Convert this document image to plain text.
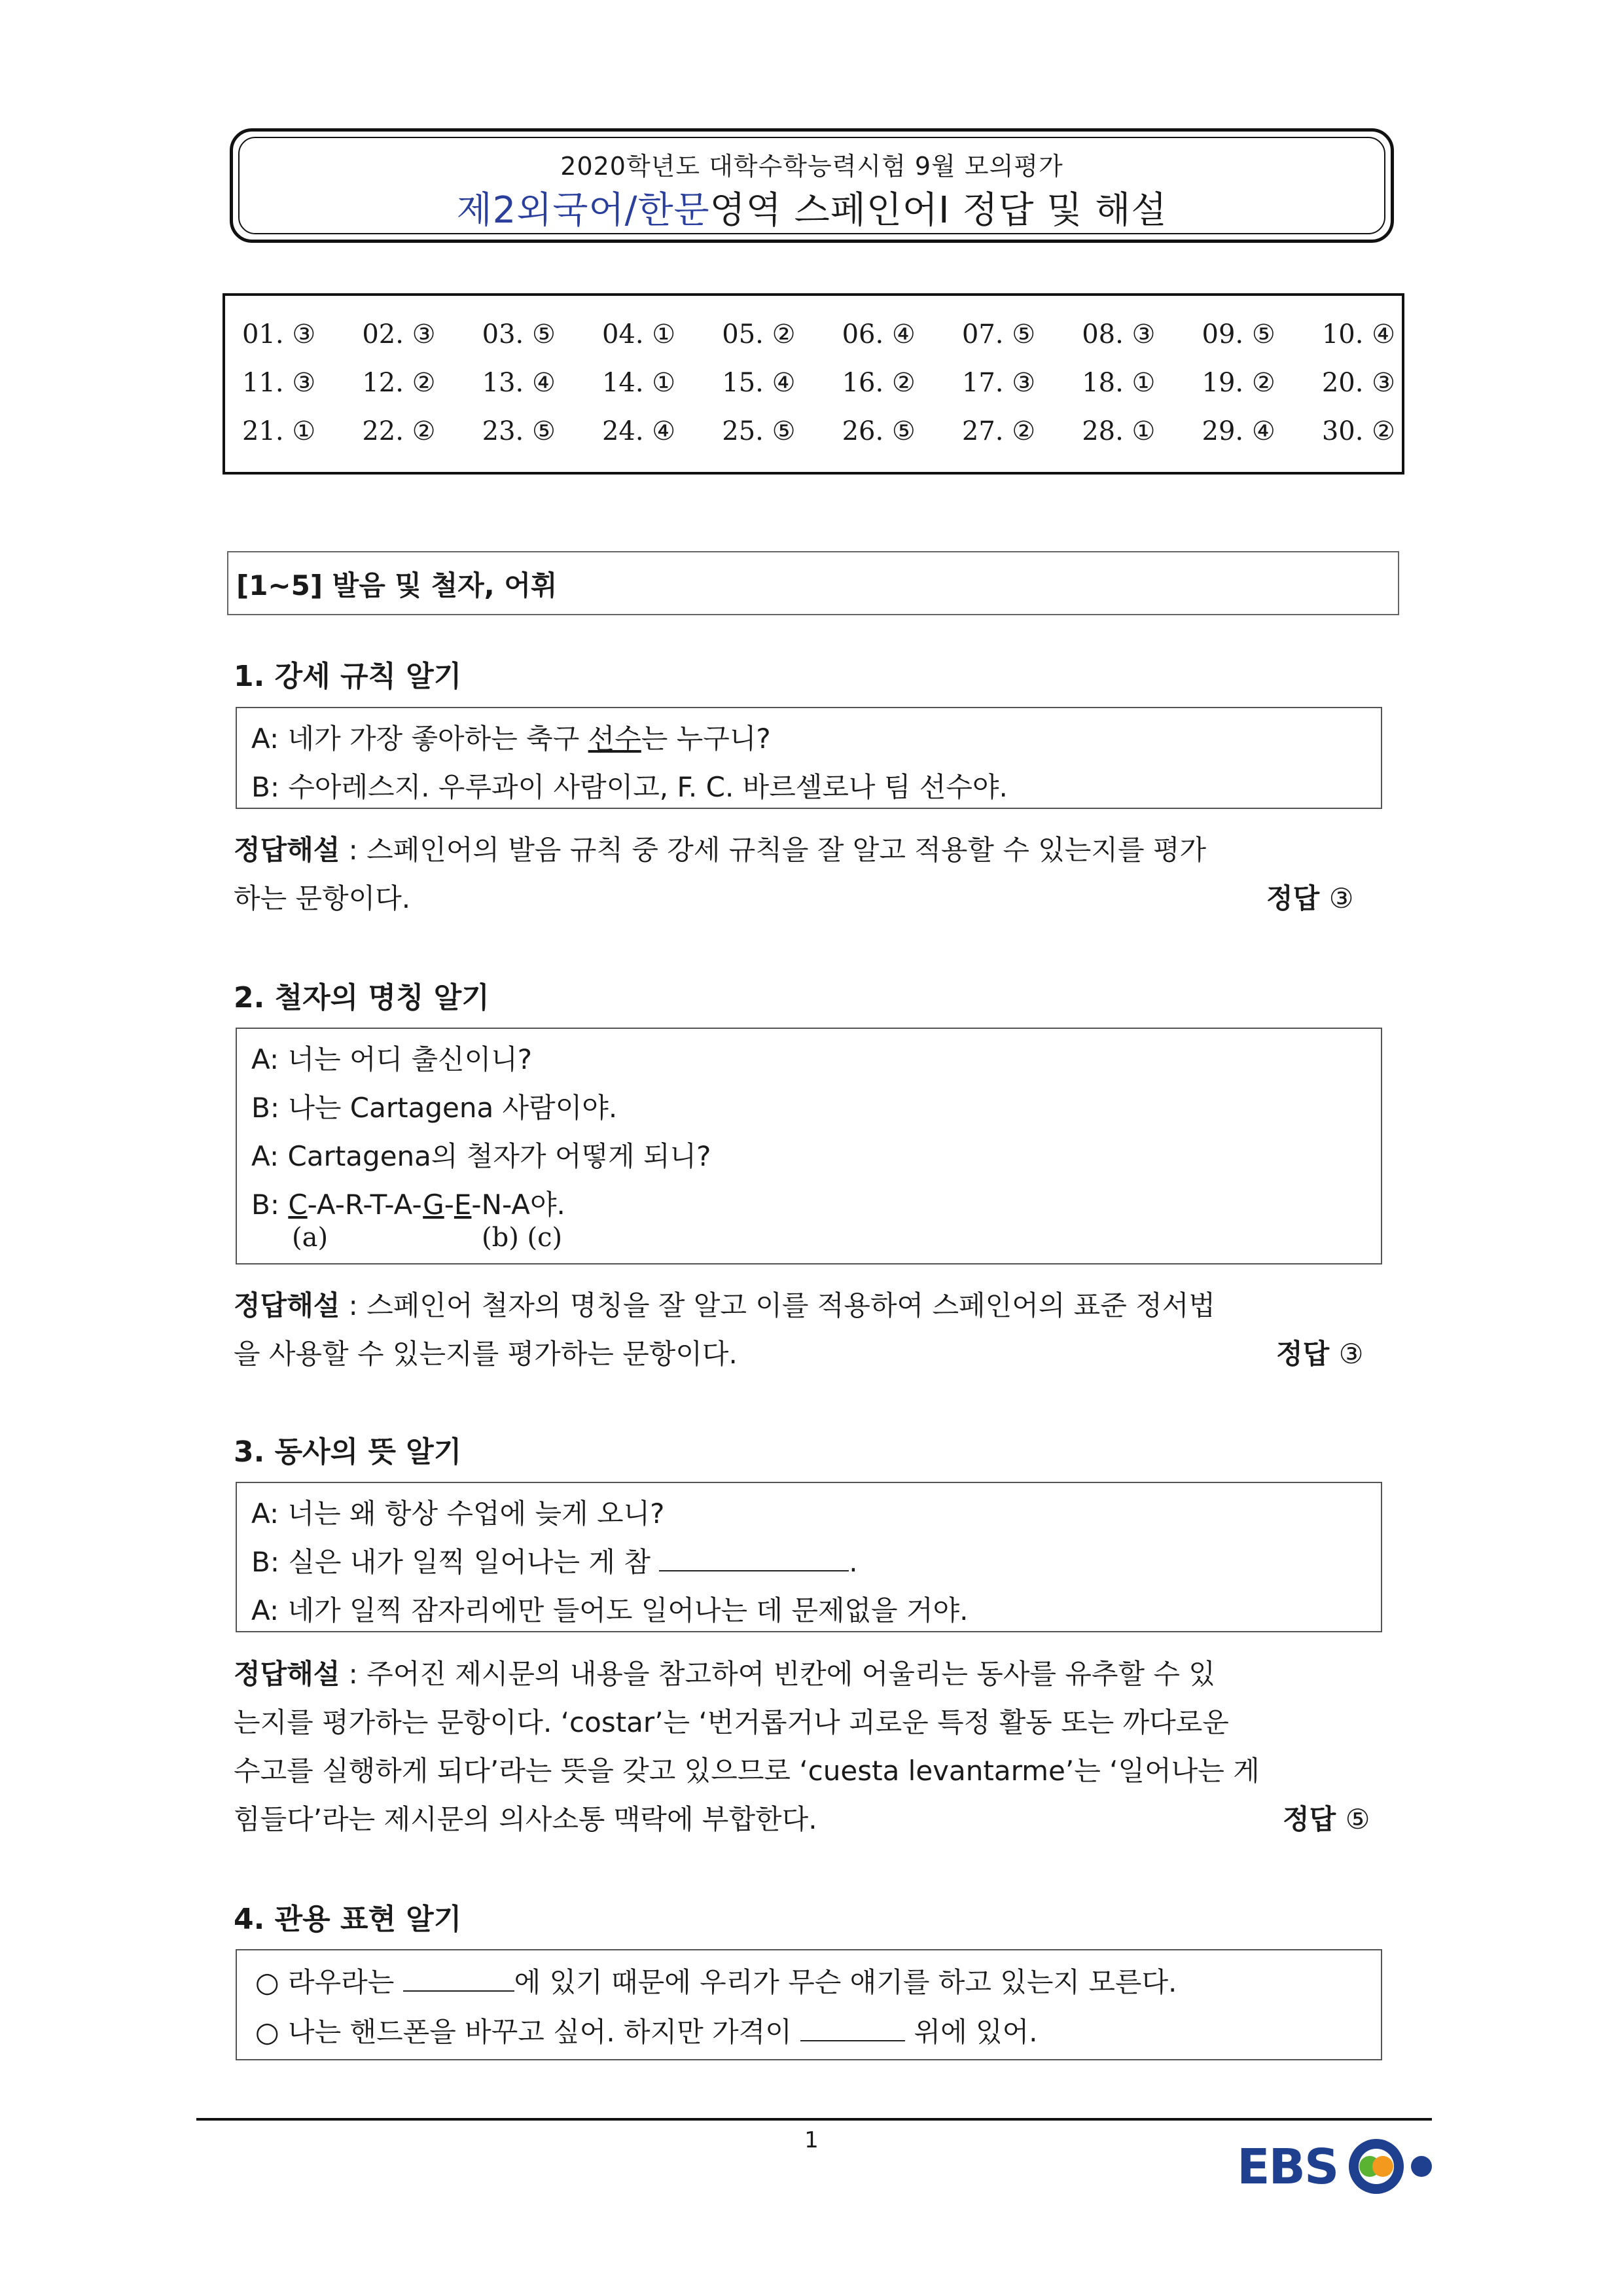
2020학년도 대학수학능력시험 9월 모의평가
제2외국어/한문영역 스페인어Ⅰ 정답 및 해설
01. ③ 02. ③ 03. ⑤ 04. ① 05. ② 06. ④ 07. ⑤ 08. ③ 09. ⑤ 10. ④
11. ③ 12. ② 13. ④ 14. ① 15. ④ 16. ② 17. ③ 18. ① 19. ② 20. ③
21. ① 22. ② 23. ⑤ 24. ④ 25. ⑤ 26. ⑤ 27. ② 28. ① 29. ④ 30. ②
[1~5] 발음 및 철자, 어휘
1. 강세 규칙 알기
A: 네가 가장 좋아하는 축구 선수는 누구니?
B: 수아레스지. 우루과이 사람이고, F. C. 바르셀로나 팀 선수야.
정답해설 : 스페인어의 발음 규칙 중 강세 규칙을 잘 알고 적용할 수 있는지를 평가
하는 문항이다.	정답 ③
2. 철자의 명칭 알기
A: 너는 어디 출신이니?
B: 나는 Cartagena 사람이야.
A: Cartagena의 철자가 어떻게 되니?
B: C-A-R-T-A-G-E-N-A야.
(a)	(b) (c)
정답해설 : 스페인어 철자의 명칭을 잘 알고 이를 적용하여 스페인어의 표준 정서법
을 사용할 수 있는지를 평가하는 문항이다.	정답 ③
3. 동사의 뜻 알기
A: 너는 왜 항상 수업에 늦게 오니?
B: 실은 내가 일찍 일어나는 게 참	.
A: 네가 일찍 잠자리에만 들어도 일어나는 데 문제없을 거야.
정답해설 : 주어진 제시문의 내용을 참고하여 빈칸에 어울리는 동사를 유추할 수 있
는지를 평가하는 문항이다. ‘costar’는 ‘번거롭거나 괴로운 특정 활동 또는 까다로운
수고를 실행하게 되다’라는 뜻을 갖고 있으므로 ‘cuesta levantarme’는 ‘일어나는 게
힘들다’라는 제시문의 의사소통 맥락에 부합한다.	정답 ⑤
4. 관용 표현 알기
○ 라우라는	에 있기 때문에 우리가 무슨 얘기를 하고 있는지 모른다.
○ 나는 핸드폰을 바꾸고 싶어. 하지만 가격이	위에 있어.
1	EBS
